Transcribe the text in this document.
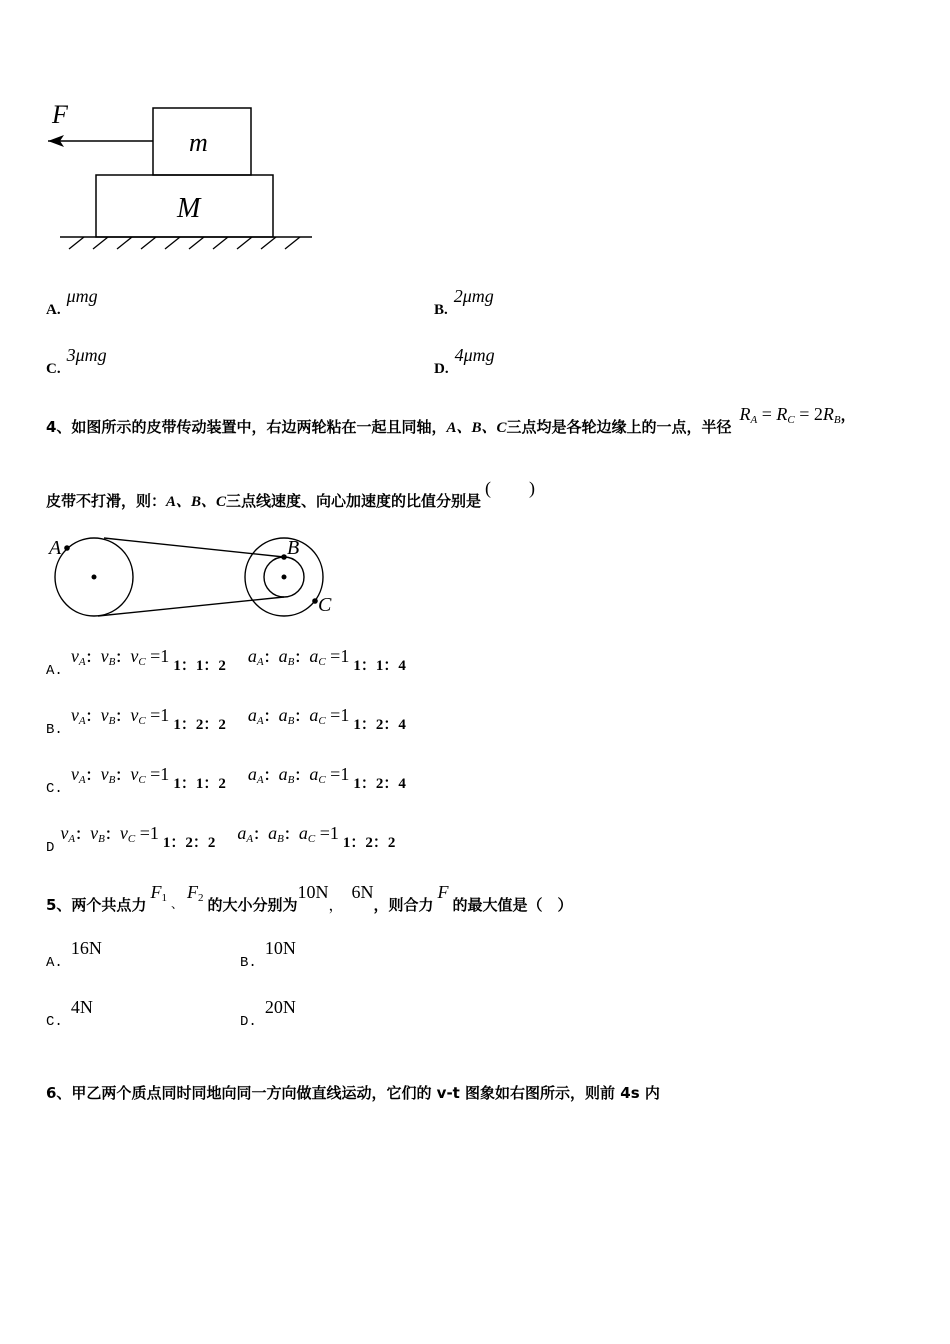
F
m
M
A. μmg
B. 2μmg
C. 3μmg
D. 4μmg
4、如图所示的皮带传动装置中，右边两轮粘在一起且同轴，A、B、C三点均是各轮边缘上的一点，半径 $R_A = R_C = 2R_B$，
皮带不打滑，则：A、B、C三点线速度、向心加速度的比值分别是 ( )
A	B
C
A. $v_A$：$v_B$：$v_C =1$ 1：1：2 $a_A$：$a_B$：$a_C =1$ 1：1：4
B. $v_A$：$v_B$：$v_C =1$ 1：2：2 $a_A$：$a_B$：$a_C =1$ 1：2：4
C. $v_A$：$v_B$：$v_C =1$ 1：1：2 $a_A$：$a_B$：$a_C =1$ 1：2：4
D $v_A$：$v_B$：$v_C =1$ 1：2：2 $a_A$：$a_B$：$a_C =1$ 1：2：2
5、两个共点力 $F_1$ $_、$ $F_2$ 的大小分别为10N， 6N，则合力 F 的最大值是（　）
A. 16N
B. 10N
C. 4N
D. 20N
6、甲乙两个质点同时同地向同一方向做直线运动，它们的 v-t 图象如右图所示，则前 4s 内
